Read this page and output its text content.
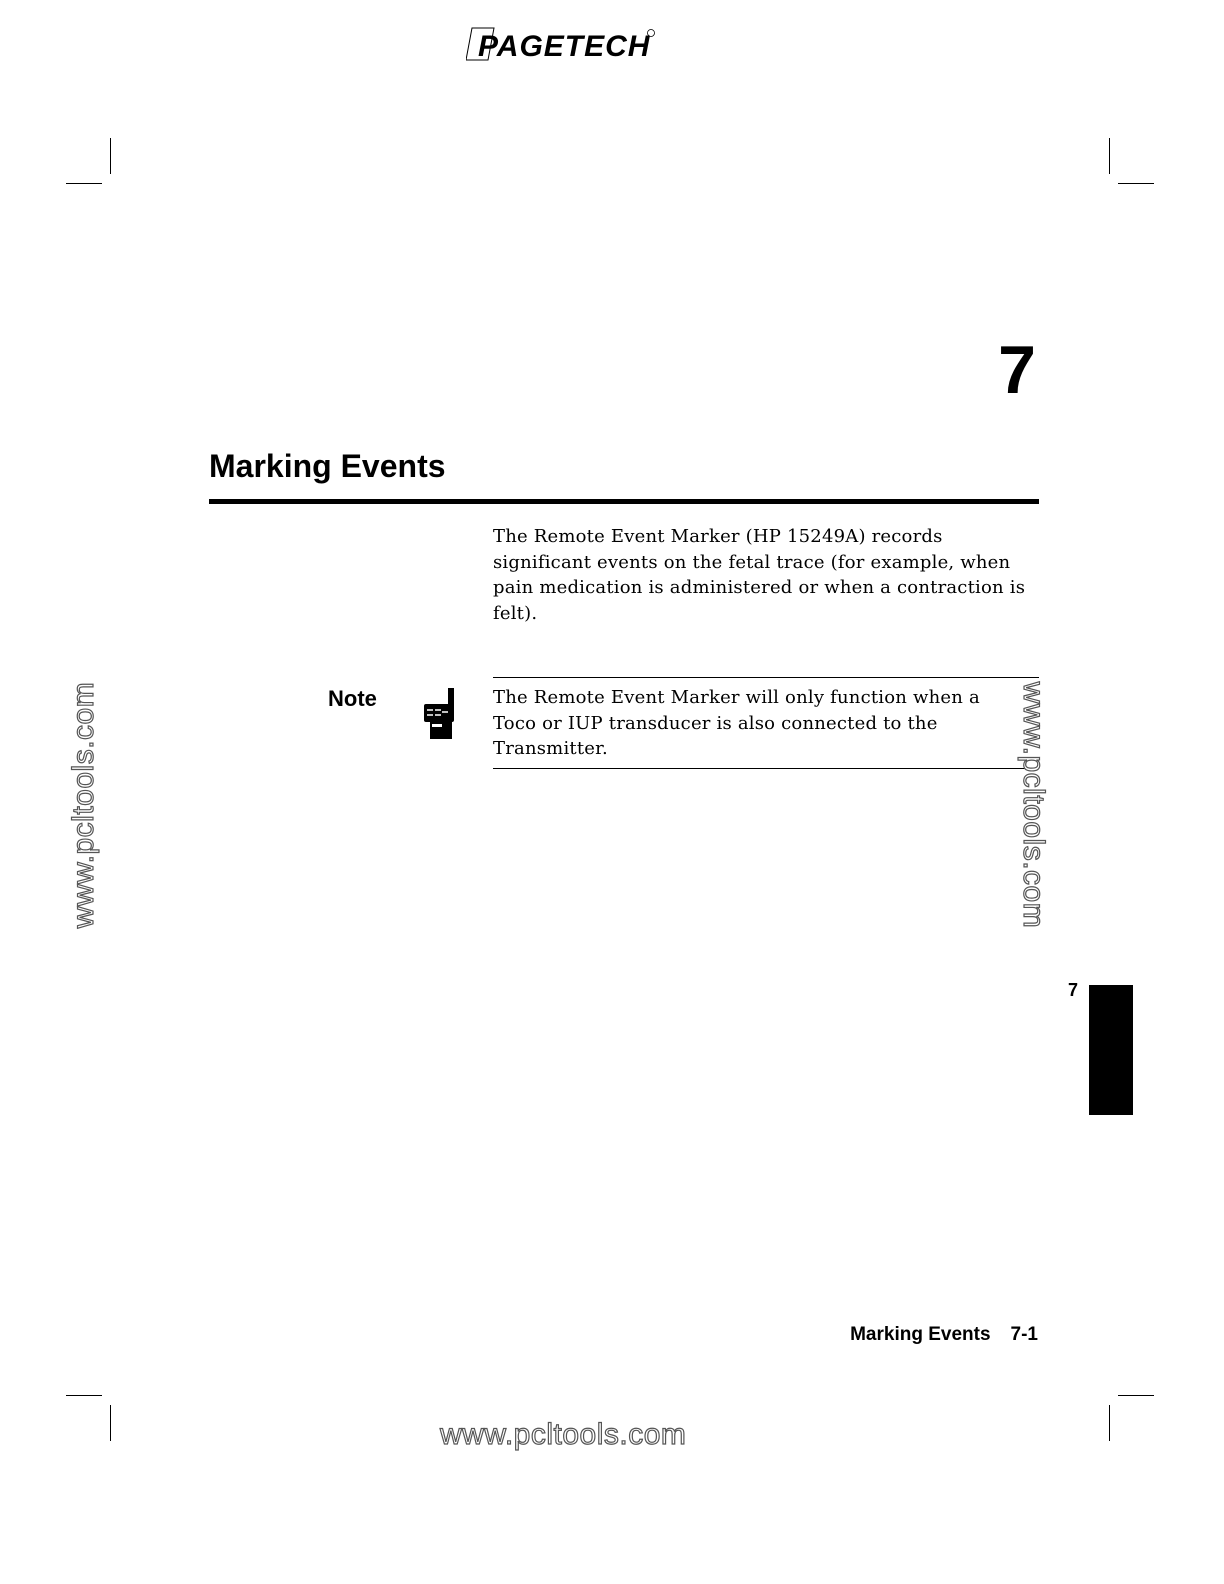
PAGETECH
7
Marking Events
The Remote Event Marker (HP 15249A) records significant events on the fetal trace (for example, when pain medication is administered or when a contraction is felt).
Note	The Remote Event Marker will only function when a Toco or IUP transducer is also connected to the Transmitter.
www.pcltools.com	www.pcltools.com
www.pcltools.com
7
Marking Events 7-1
